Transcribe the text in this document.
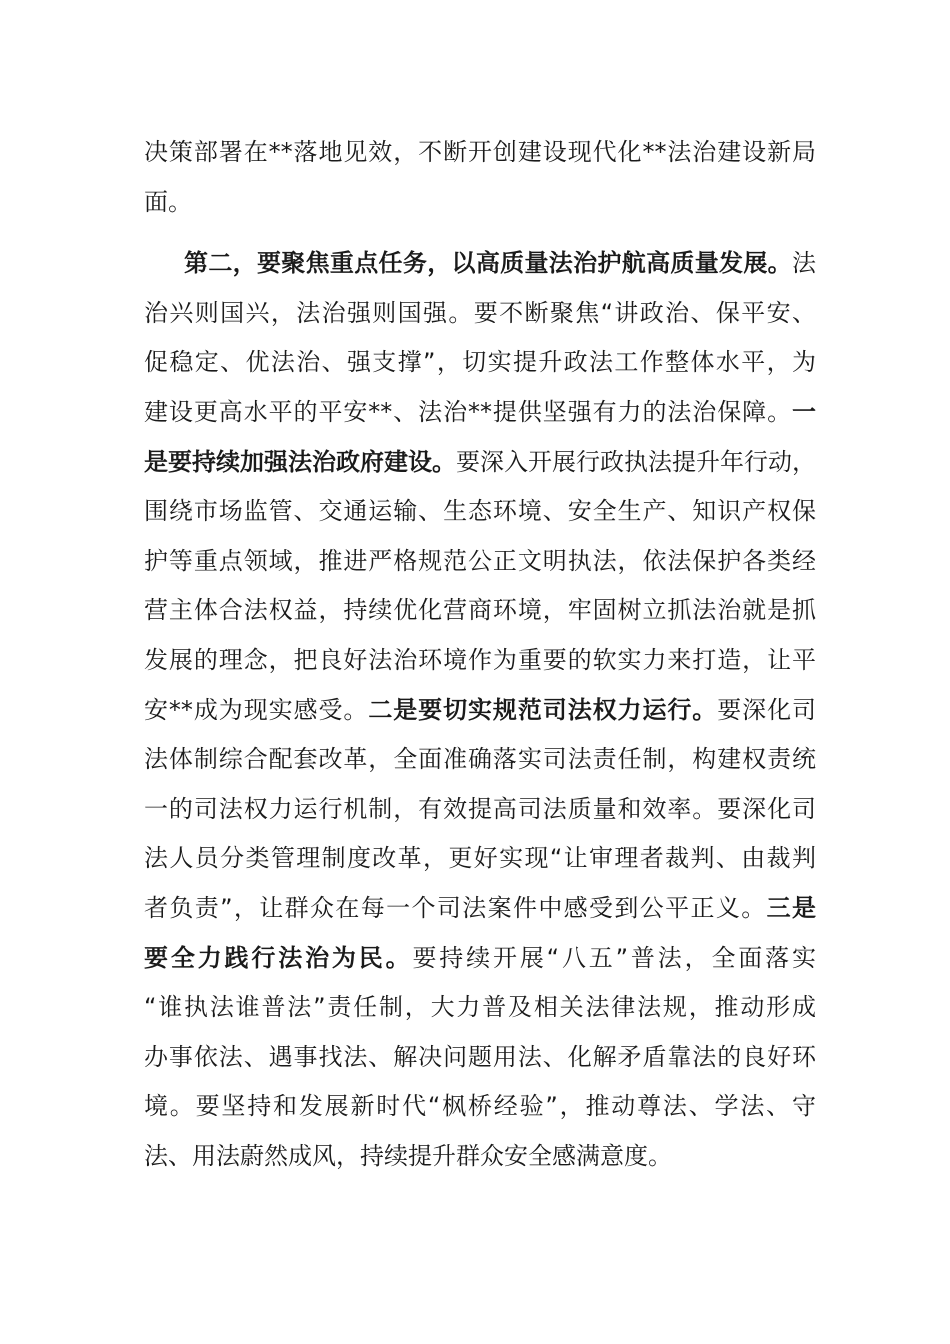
决策部署在**落地见效，不断开创建设现代化**法治建设新局
面。
第二，要聚焦重点任务，以高质量法治护航高质量发展。法
治兴则国兴，法治强则国强。要不断聚焦“讲政治、保平安、
促稳定、优法治、强支撑”，切实提升政法工作整体水平，为
建设更高水平的平安**、法治**提供坚强有力的法治保障。一
是要持续加强法治政府建设。要深入开展行政执法提升年行动，
围绕市场监管、交通运输、生态环境、安全生产、知识产权保
护等重点领域，推进严格规范公正文明执法，依法保护各类经
营主体合法权益，持续优化营商环境，牢固树立抓法治就是抓
发展的理念，把良好法治环境作为重要的软实力来打造，让平
安**成为现实感受。二是要切实规范司法权力运行。要深化司
法体制综合配套改革，全面准确落实司法责任制，构建权责统
一的司法权力运行机制，有效提高司法质量和效率。要深化司
法人员分类管理制度改革，更好实现“让审理者裁判、由裁判
者负责”，让群众在每一个司法案件中感受到公平正义。三是
要全力践行法治为民。要持续开展“八五”普法，全面落实
“谁执法谁普法”责任制，大力普及相关法律法规，推动形成
办事依法、遇事找法、解决问题用法、化解矛盾靠法的良好环
境。要坚持和发展新时代“枫桥经验”，推动尊法、学法、守
法、用法蔚然成风，持续提升群众安全感满意度。
